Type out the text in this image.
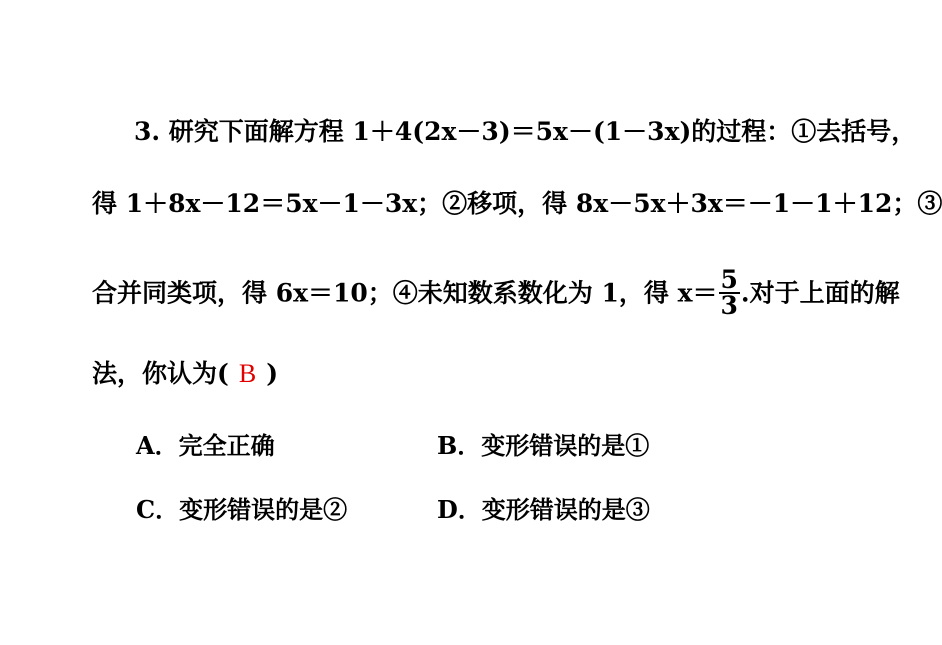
3. 研究下面解方程 1＋4(2x－3)＝5x－(1－3x)的过程：①去括号，
得 1＋8x－12＝5x－1－3x；②移项，得 8x－5x＋3x＝－1－1＋12；③
合并同类项，得 6x＝10；④未知数系数化为 1，得 $x= \frac{5}{3}$ .对于上面的解
法，你认为( B )
A．完全正确	B．变形错误的是①
C．变形错误的是②	D．变形错误的是③
